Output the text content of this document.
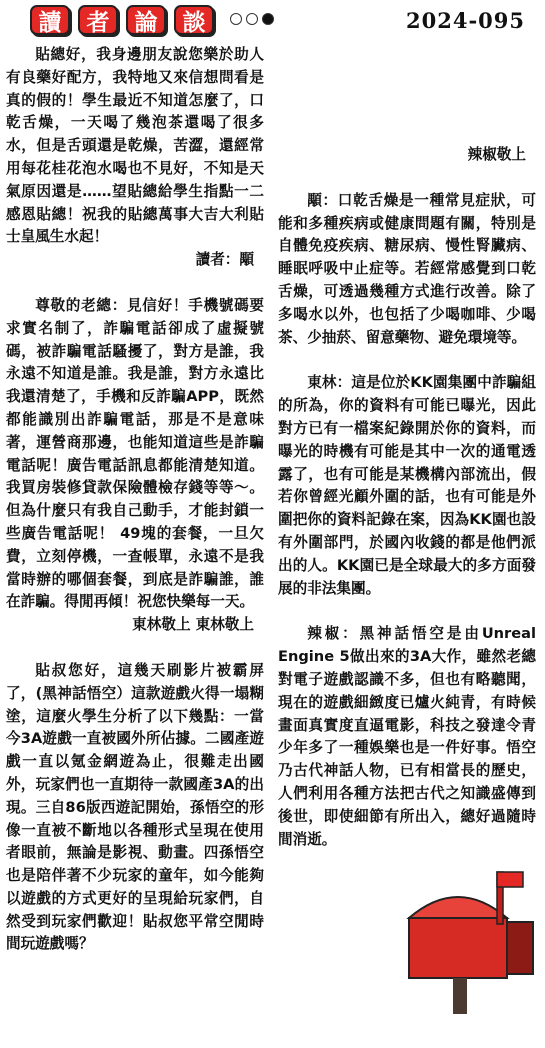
讀	者	論	談	2024-095

貼總好，我身邊朋友說您樂於助人有良藥好配方，我特地又來信想問看是真的假的！學生最近不知道怎麼了，口乾舌燥，一天喝了幾泡茶還喝了很多水，但是舌頭還是乾燥，苦澀，還經常用每花桂花泡水喝也不見好，不知是天氣原因還是……望貼總給學生指點一二感恩貼總！祝我的貼總萬事大吉大利貼士皇風生水起！

讀者：顒

尊敬的老總：見信好！手機號碼要求實名制了，詐騙電話卻成了虛擬號碼，被詐騙電話騷擾了，對方是誰，我永遠不知道是誰。我是誰，對方永遠比我還清楚了，手機和反詐騙APP，既然都能識別出詐騙電話，那是不是意味著，運營商那邊，也能知道這些是詐騙電話呢！廣告電話訊息都能清楚知道。我買房裝修貸款保險體檢存錢等等～。但為什麼只有我自己動手，才能封鎖一些廣告電話呢！ 49塊的套餐，一旦欠費，立刻停機，一查帳單，永遠不是我當時辦的哪個套餐，到底是詐騙誰，誰在詐騙。得閒再傾！祝您快樂每一天。

東林敬上 東林敬上

貼叔您好，這幾天刷影片被霸屏了，(黑神話悟空）這款遊戲火得一塌糊塗，這麼火學生分析了以下幾點：一當今3A遊戲一直被國外所佔據。二國產遊戲一直以氪金網遊為止，很難走出國外，玩家們也一直期待一款國產3A的出現。三自86版西遊記開始，孫悟空的形像一直被不斷地以各種形式呈現在使用者眼前，無論是影視、動畫。四孫悟空也是陪伴著不少玩家的童年，如今能夠以遊戲的方式更好的呈現給玩家們，自然受到玩家們歡迎！貼叔您平常空閒時間玩遊戲嗎？

辣椒敬上

顒：口乾舌燥是一種常見症狀，可能和多種疾病或健康問題有關，特別是自體免疫疾病、糖尿病、慢性腎臟病、睡眠呼吸中止症等。若經常感覺到口乾舌燥，可透過幾種方式進行改善。除了多喝水以外，也包括了少喝咖啡、少喝茶、少抽菸、留意藥物、避免環境等。

東林：這是位於KK園集團中詐騙組的所為，你的資料有可能已曝光，因此對方已有一檔案紀錄開於你的資料，而曝光的時機有可能是其中一次的通電透露了，也有可能是某機構內部流出，假若你曾經光顧外圍的話，也有可能是外圍把你的資料記錄在案，因為KK園也設有外圍部門，於國內收錢的都是他們派出的人。KK園已是全球最大的多方面發展的非法集團。

辣椒：黑神話悟空是由Unreal Engine 5做出來的3A大作，雖然老總對電子遊戲認識不多，但也有略聽聞，現在的遊戲細緻度已爐火純青，有時候畫面真實度直逼電影，科技之發達令青少年多了一種娛樂也是一件好事。悟空乃古代神話人物，已有相當長的歷史，人們利用各種方法把古代之知識盛傳到後世，即使細節有所出入，總好過隨時間消逝。
